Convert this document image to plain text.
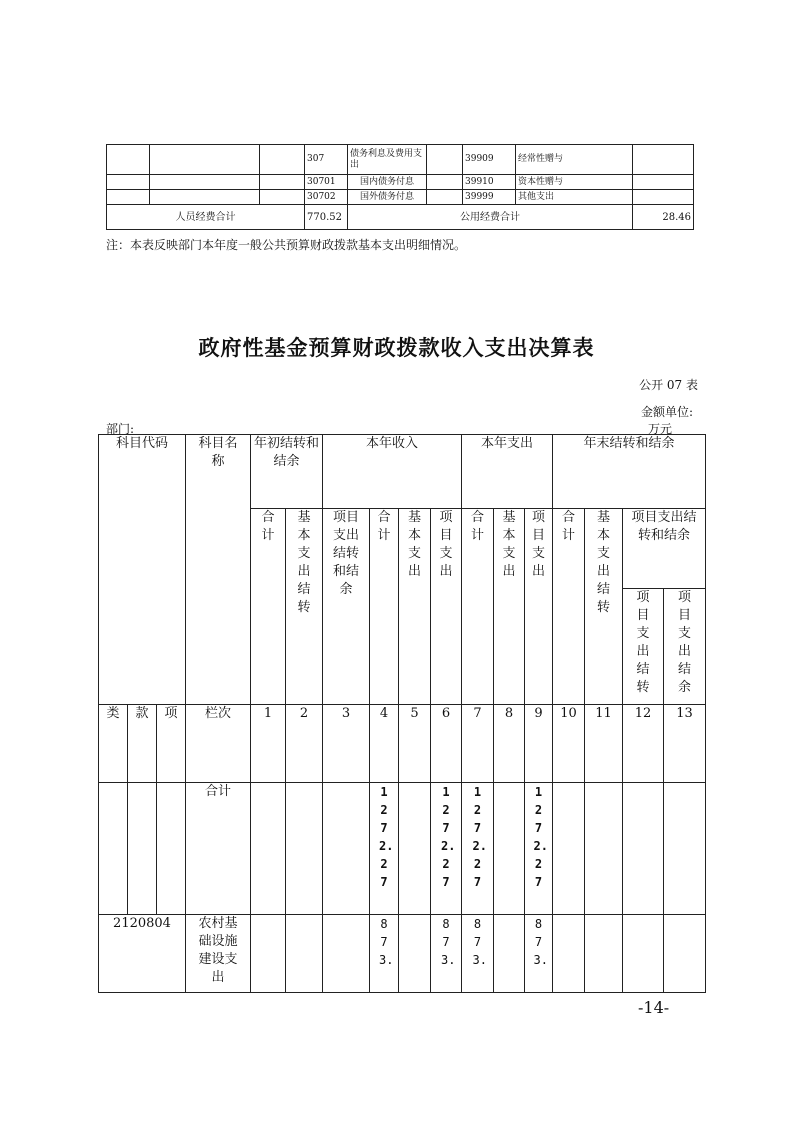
			307	债务利息及费用支出		39909	经常性赠与	
			30701	国内债务付息		39910	资本性赠与	
			30702	国外债务付息		39999	其他支出	
人员经费合计			770.52	公用经费合计				28.46
注：本表反映部门本年度一般公共预算财政拨款基本支出明细情况。
政府性基金预算财政拨款收入支出决算表
公开 07 表
金额单位:
部门:	万元
科目代码			科目名称	年初结转和结余		本年收入				本年支出			年末结转和结余			

				合计	基本支出结转	项目支出结转和结余	合计	基本支出	项目支出	合计	基本支出	项目支出	合计	基本支出结转	项目支出结转和结余	

															项目支出结转	项目支出结余

类	款	项	栏次	1	2	3	4	5	6	7	8	9	10	11	12	13
			合计				1272.27		1272.27	1272.27		1272.27				

2120804			农村基础设施建设支出				873.		873.	873.		873.				

-14-
